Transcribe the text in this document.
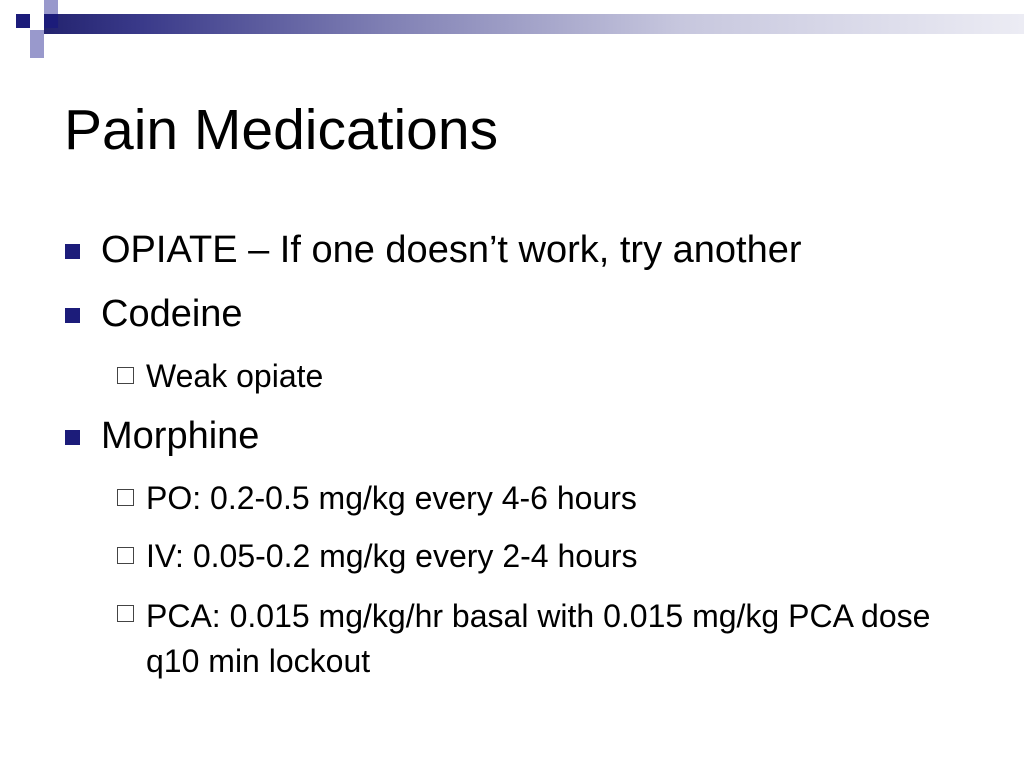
Pain Medications
OPIATE – If one doesn’t work, try another
Codeine
Weak opiate
Morphine
PO: 0.2-0.5 mg/kg every 4-6 hours
IV: 0.05-0.2 mg/kg every 2-4 hours
PCA: 0.015 mg/kg/hr basal with 0.015 mg/kg PCA dose q10 min lockout
